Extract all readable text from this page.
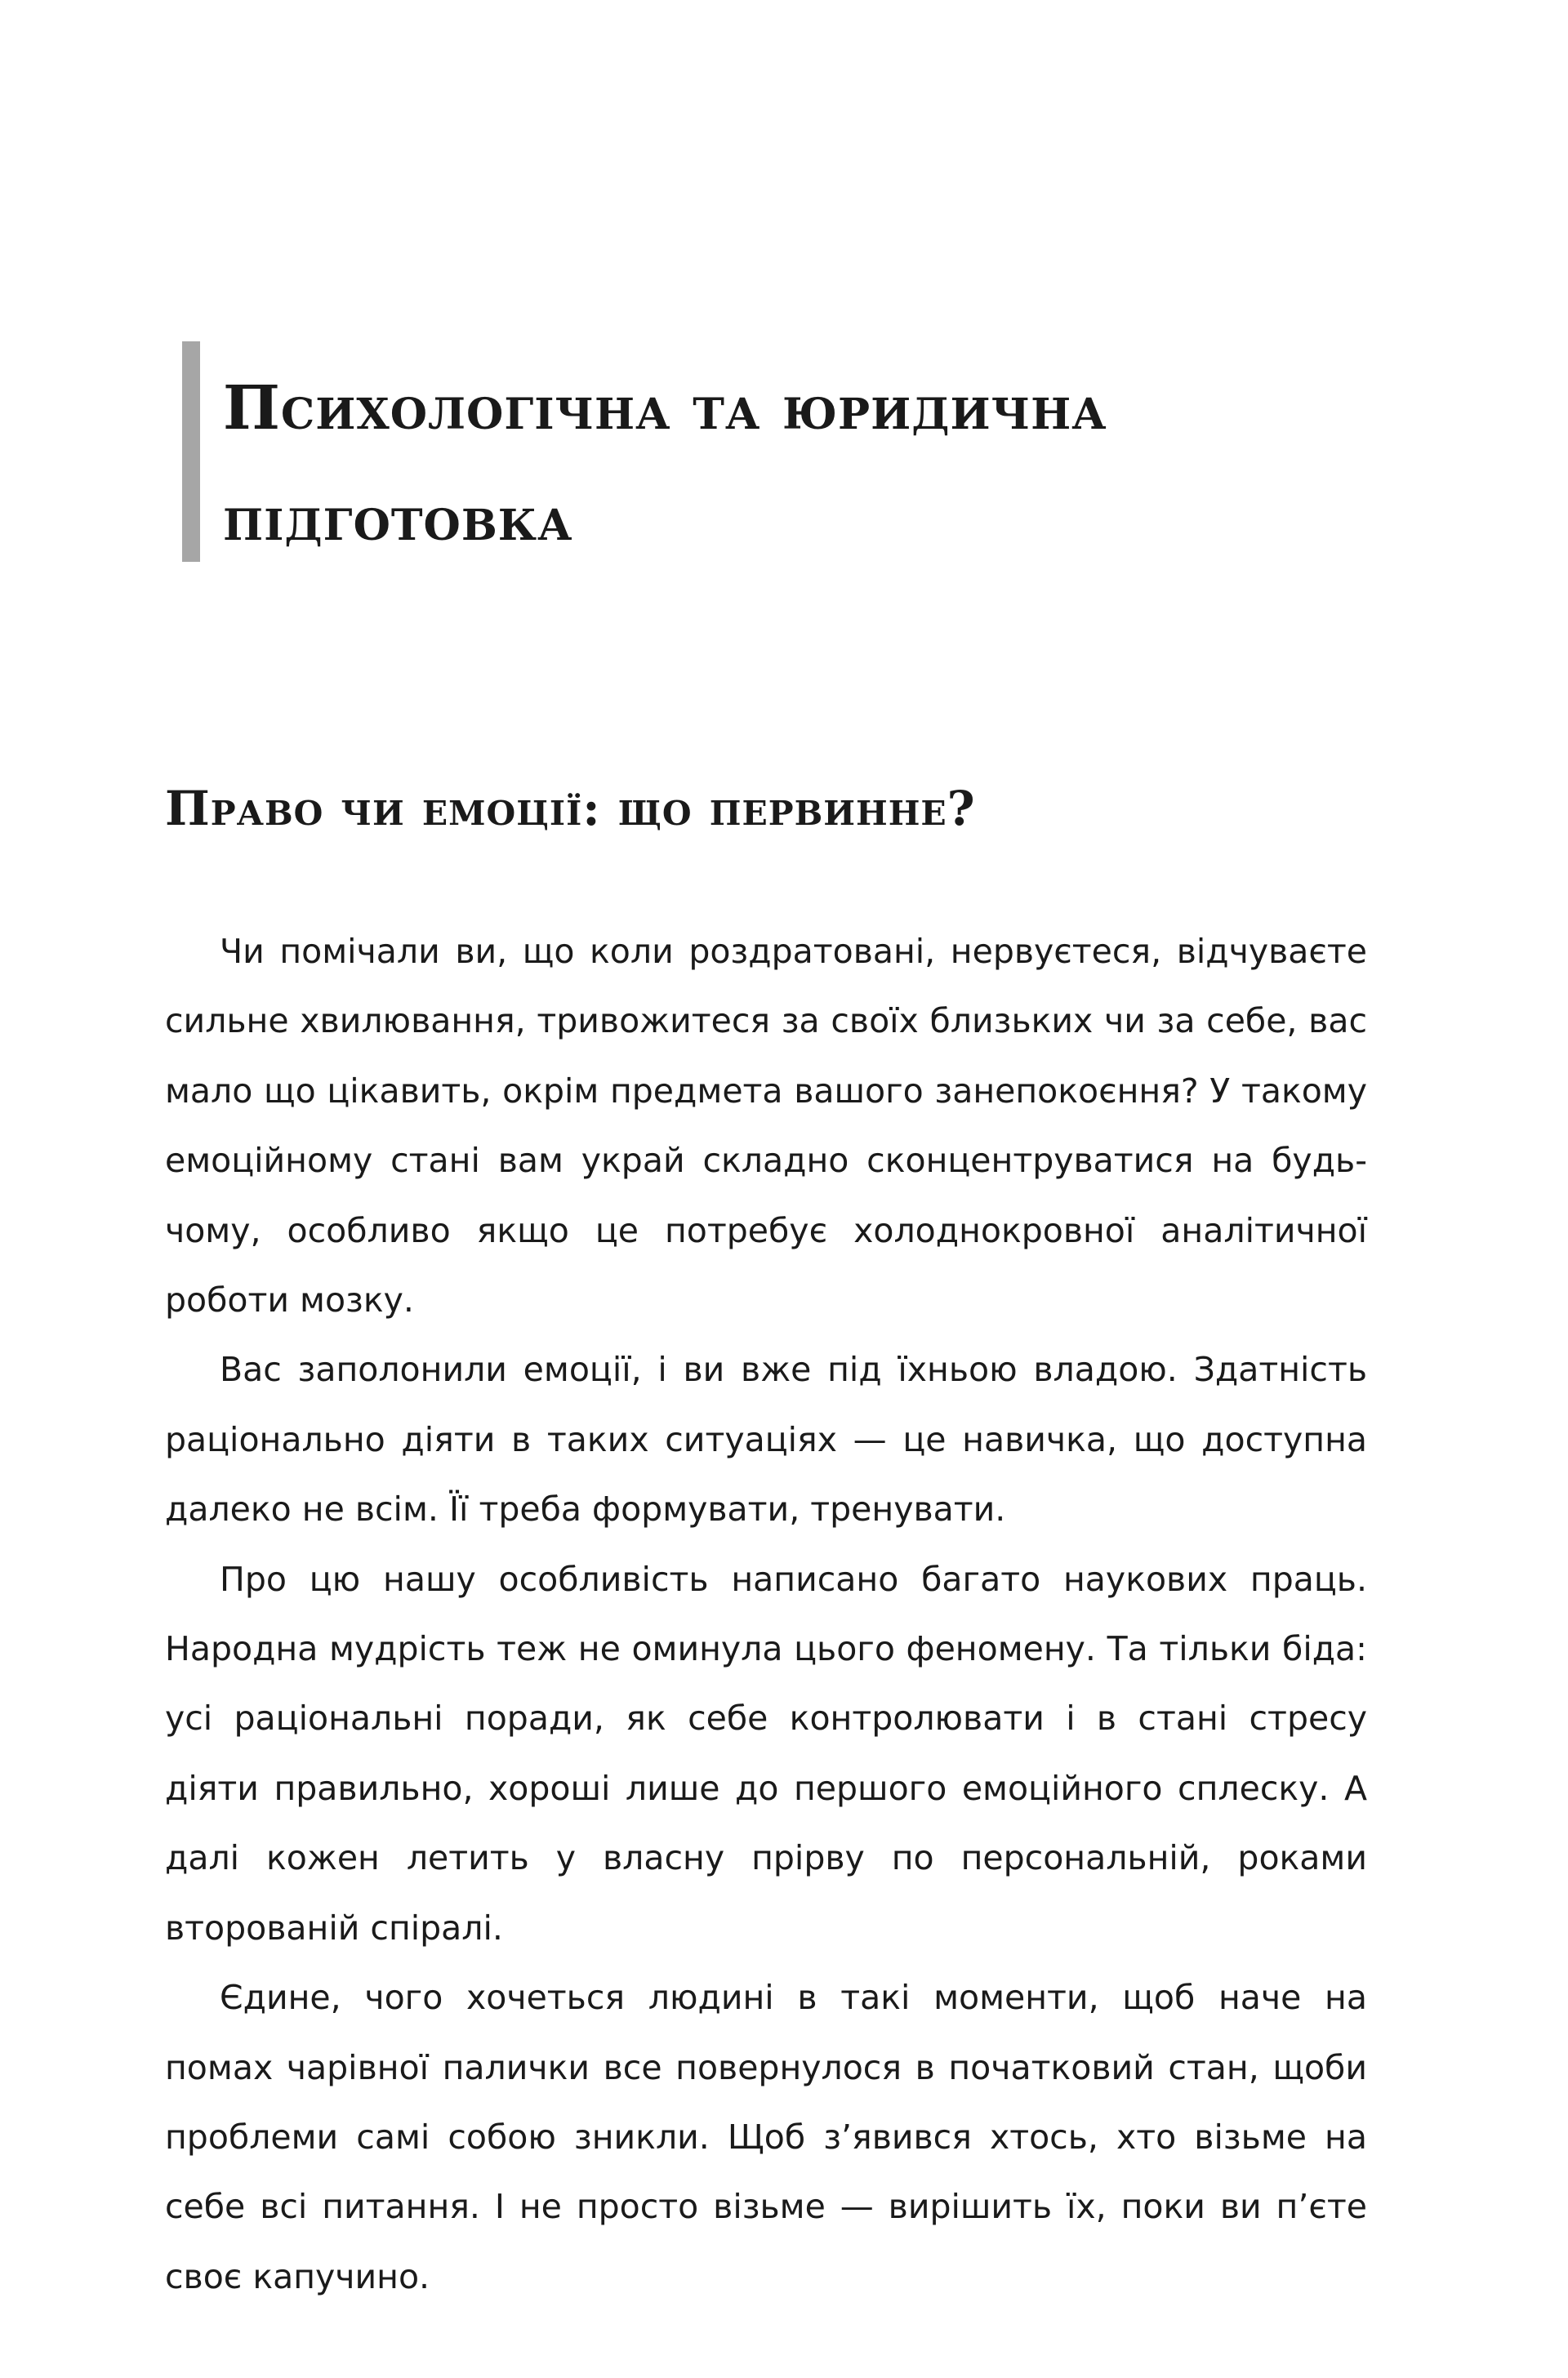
Психологічна та юридична
підготовка
Право чи емоції: що первинне?

Чи помічали ви, що коли роздратовані, нервуєтеся, відчуваєте сильне хвилювання, тривожитеся за своїх близьких чи за себе, вас мало що цікавить, окрім предмета вашого занепокоєння? У такому емоційному стані вам украй складно сконцентруватися на будь-чому, особливо якщо це потребує холоднокровної аналітичної роботи мозку.

Вас заполонили емоції, і ви вже під їхньою владою. Здатність раціонально діяти в таких ситуаціях — це навичка, що доступна далеко не всім. Її треба формувати, тренувати.

Про цю нашу особливість написано багато наукових праць. Народна мудрість теж не оминула цього феномену. Та тільки біда: усі раціональні поради, як себе контролювати і в стані стресу діяти правильно, хороші лише до першого емоційного сплеску. А далі кожен летить у власну прірву по персональній, роками второваній спіралі.

Єдине, чого хочеться людині в такі моменти, щоб наче на помах чарівної палички все повернулося в початковий стан, щоби проблеми самі собою зникли. Щоб з’явився хтось, хто візьме на себе всі питання. І не просто візьме — вирішить їх, поки ви п’єте своє капучино.
